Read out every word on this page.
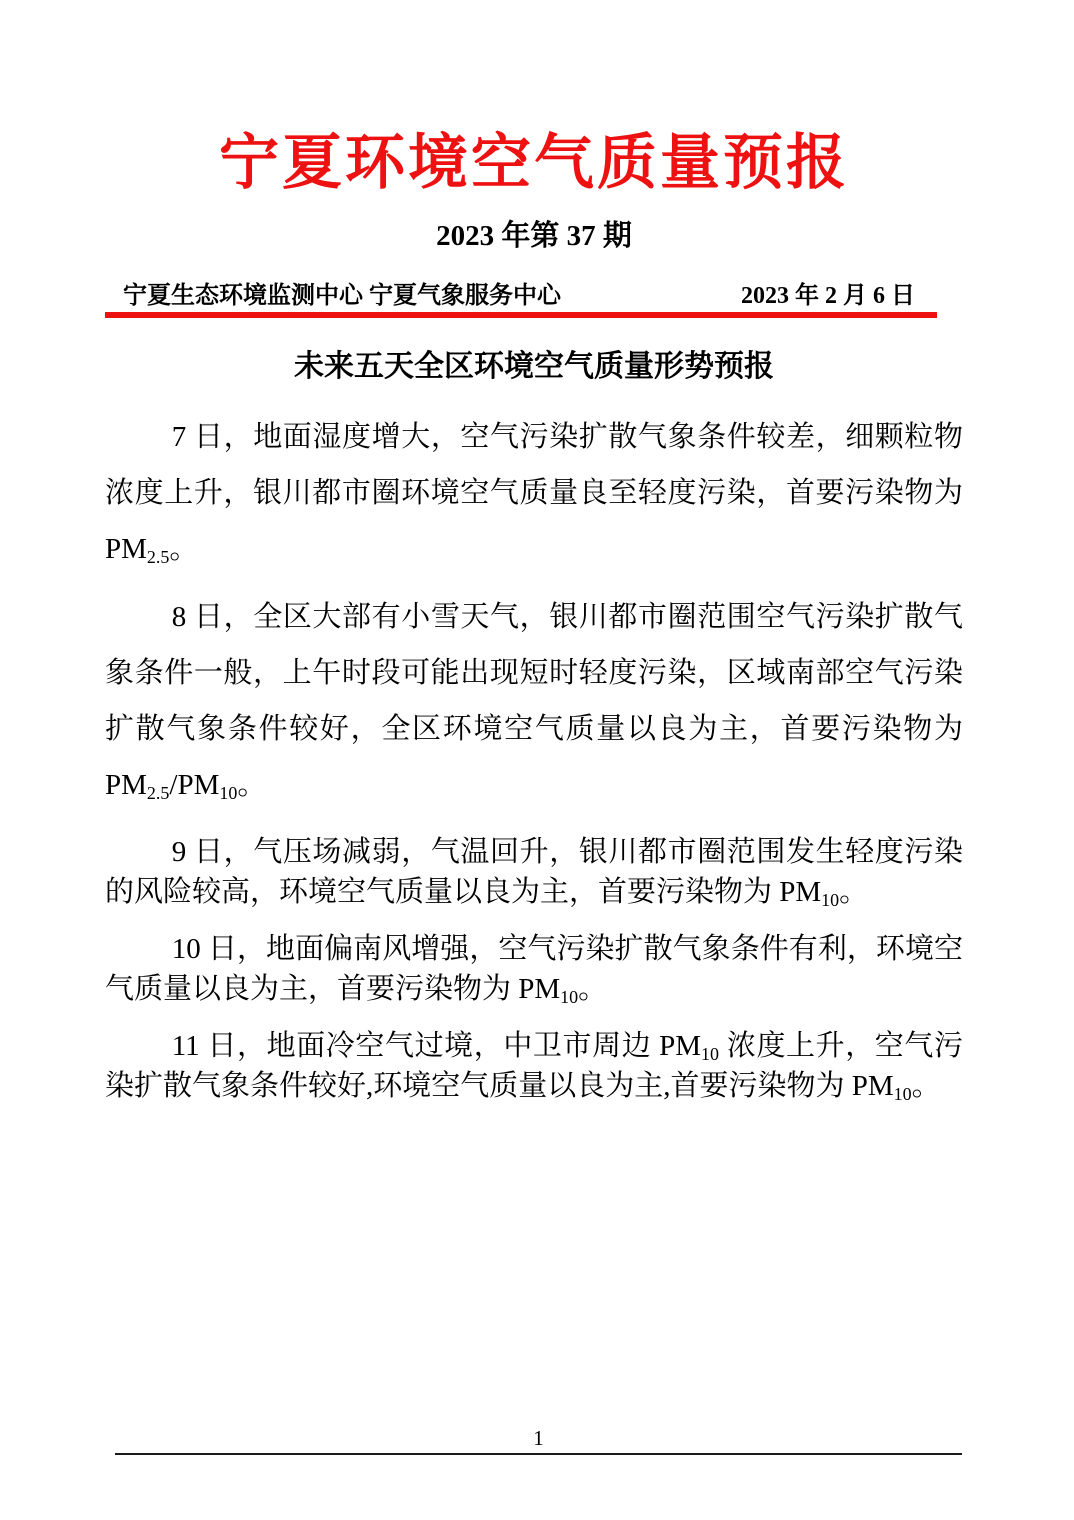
宁夏环境空气质量预报

2023 年第 37 期

宁夏生态环境监测中心 宁夏气象服务中心	2023 年 2 月 6 日
未来五天全区环境空气质量形势预报

7 日，地面湿度增大，空气污染扩散气象条件较差，细颗粒物浓度上升，银川都市圈环境空气质量良至轻度污染，首要污染物为 $PM_{2.5}$。

8 日，全区大部有小雪天气，银川都市圈范围空气污染扩散气象条件一般，上午时段可能出现短时轻度污染，区域南部空气污染扩散气象条件较好，全区环境空气质量以良为主，首要污染物为 $PM_{2.5}/PM_{10}$。

9 日，气压场减弱，气温回升，银川都市圈范围发生轻度污染的风险较高，环境空气质量以良为主，首要污染物为 $PM_{10}$。

10 日，地面偏南风增强，空气污染扩散气象条件有利，环境空气质量以良为主，首要污染物为 $PM_{10}$。

11 日，地面冷空气过境，中卫市周边 $PM_{10}$ 浓度上升，空气污染扩散气象条件较好,环境空气质量以良为主,首要污染物为 $PM_{10}$。

1
